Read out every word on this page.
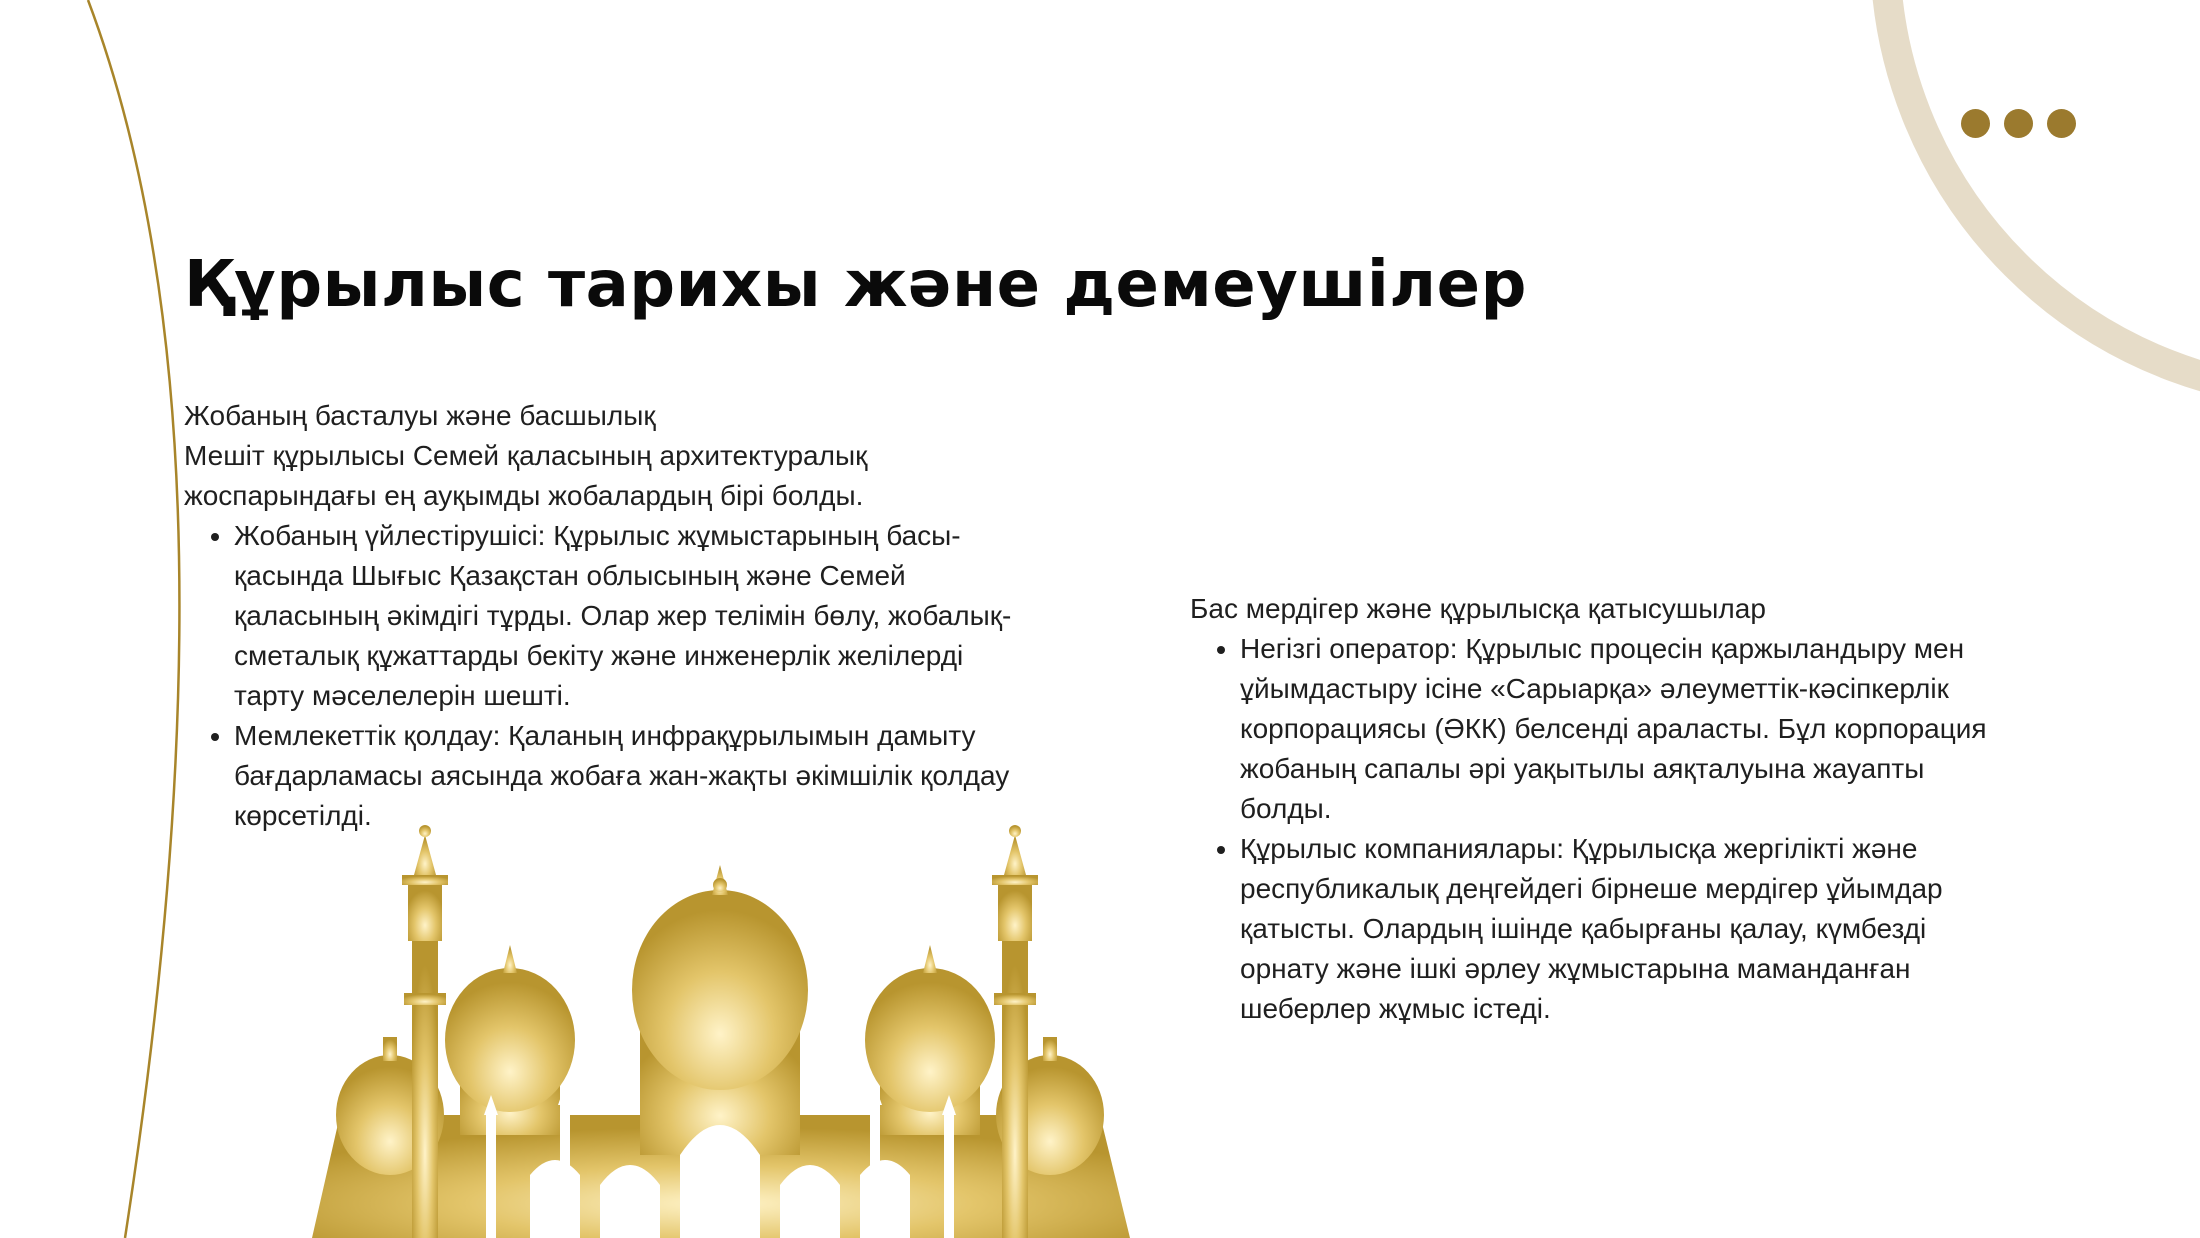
Құрылыс тарихы және демеушілер

Жобаның басталуы және басшылық

Мешіт құрылысы Семей қаласының архитектуралық жоспарындағы ең ауқымды жобалардың бірі болды.

• Жобаның үйлестірушісі: Құрылыс жұмыстарының басы-қасында Шығыс Қазақстан облысының және Семей қаласының әкімдігі тұрды. Олар жер телімін бөлу, жобалық-сметалық құжаттарды бекіту және инженерлік желілерді тарту мәселелерін шешті.
• Мемлекеттік қолдау: Қаланың инфрақұрылымын дамыту бағдарламасы аясында жобаға жан-жақты әкімшілік қолдау көрсетілді.

Бас мердігер және құрылысқа қатысушылар

• Негізгі оператор: Құрылыс процесін қаржыландыру мен ұйымдастыру ісіне «Сарыарқа» әлеуметтік-кәсіпкерлік корпорациясы (ӘКК) белсенді араласты. Бұл корпорация жобаның сапалы әрі уақытылы аяқталуына жауапты болды.
• Құрылыс компаниялары: Құрылысқа жергілікті және республикалық деңгейдегі бірнеше мердігер ұйымдар қатысты. Олардың ішінде қабырғаны қалау, күмбезді орнату және ішкі әрлеу жұмыстарына маманданған шеберлер жұмыс істеді.
